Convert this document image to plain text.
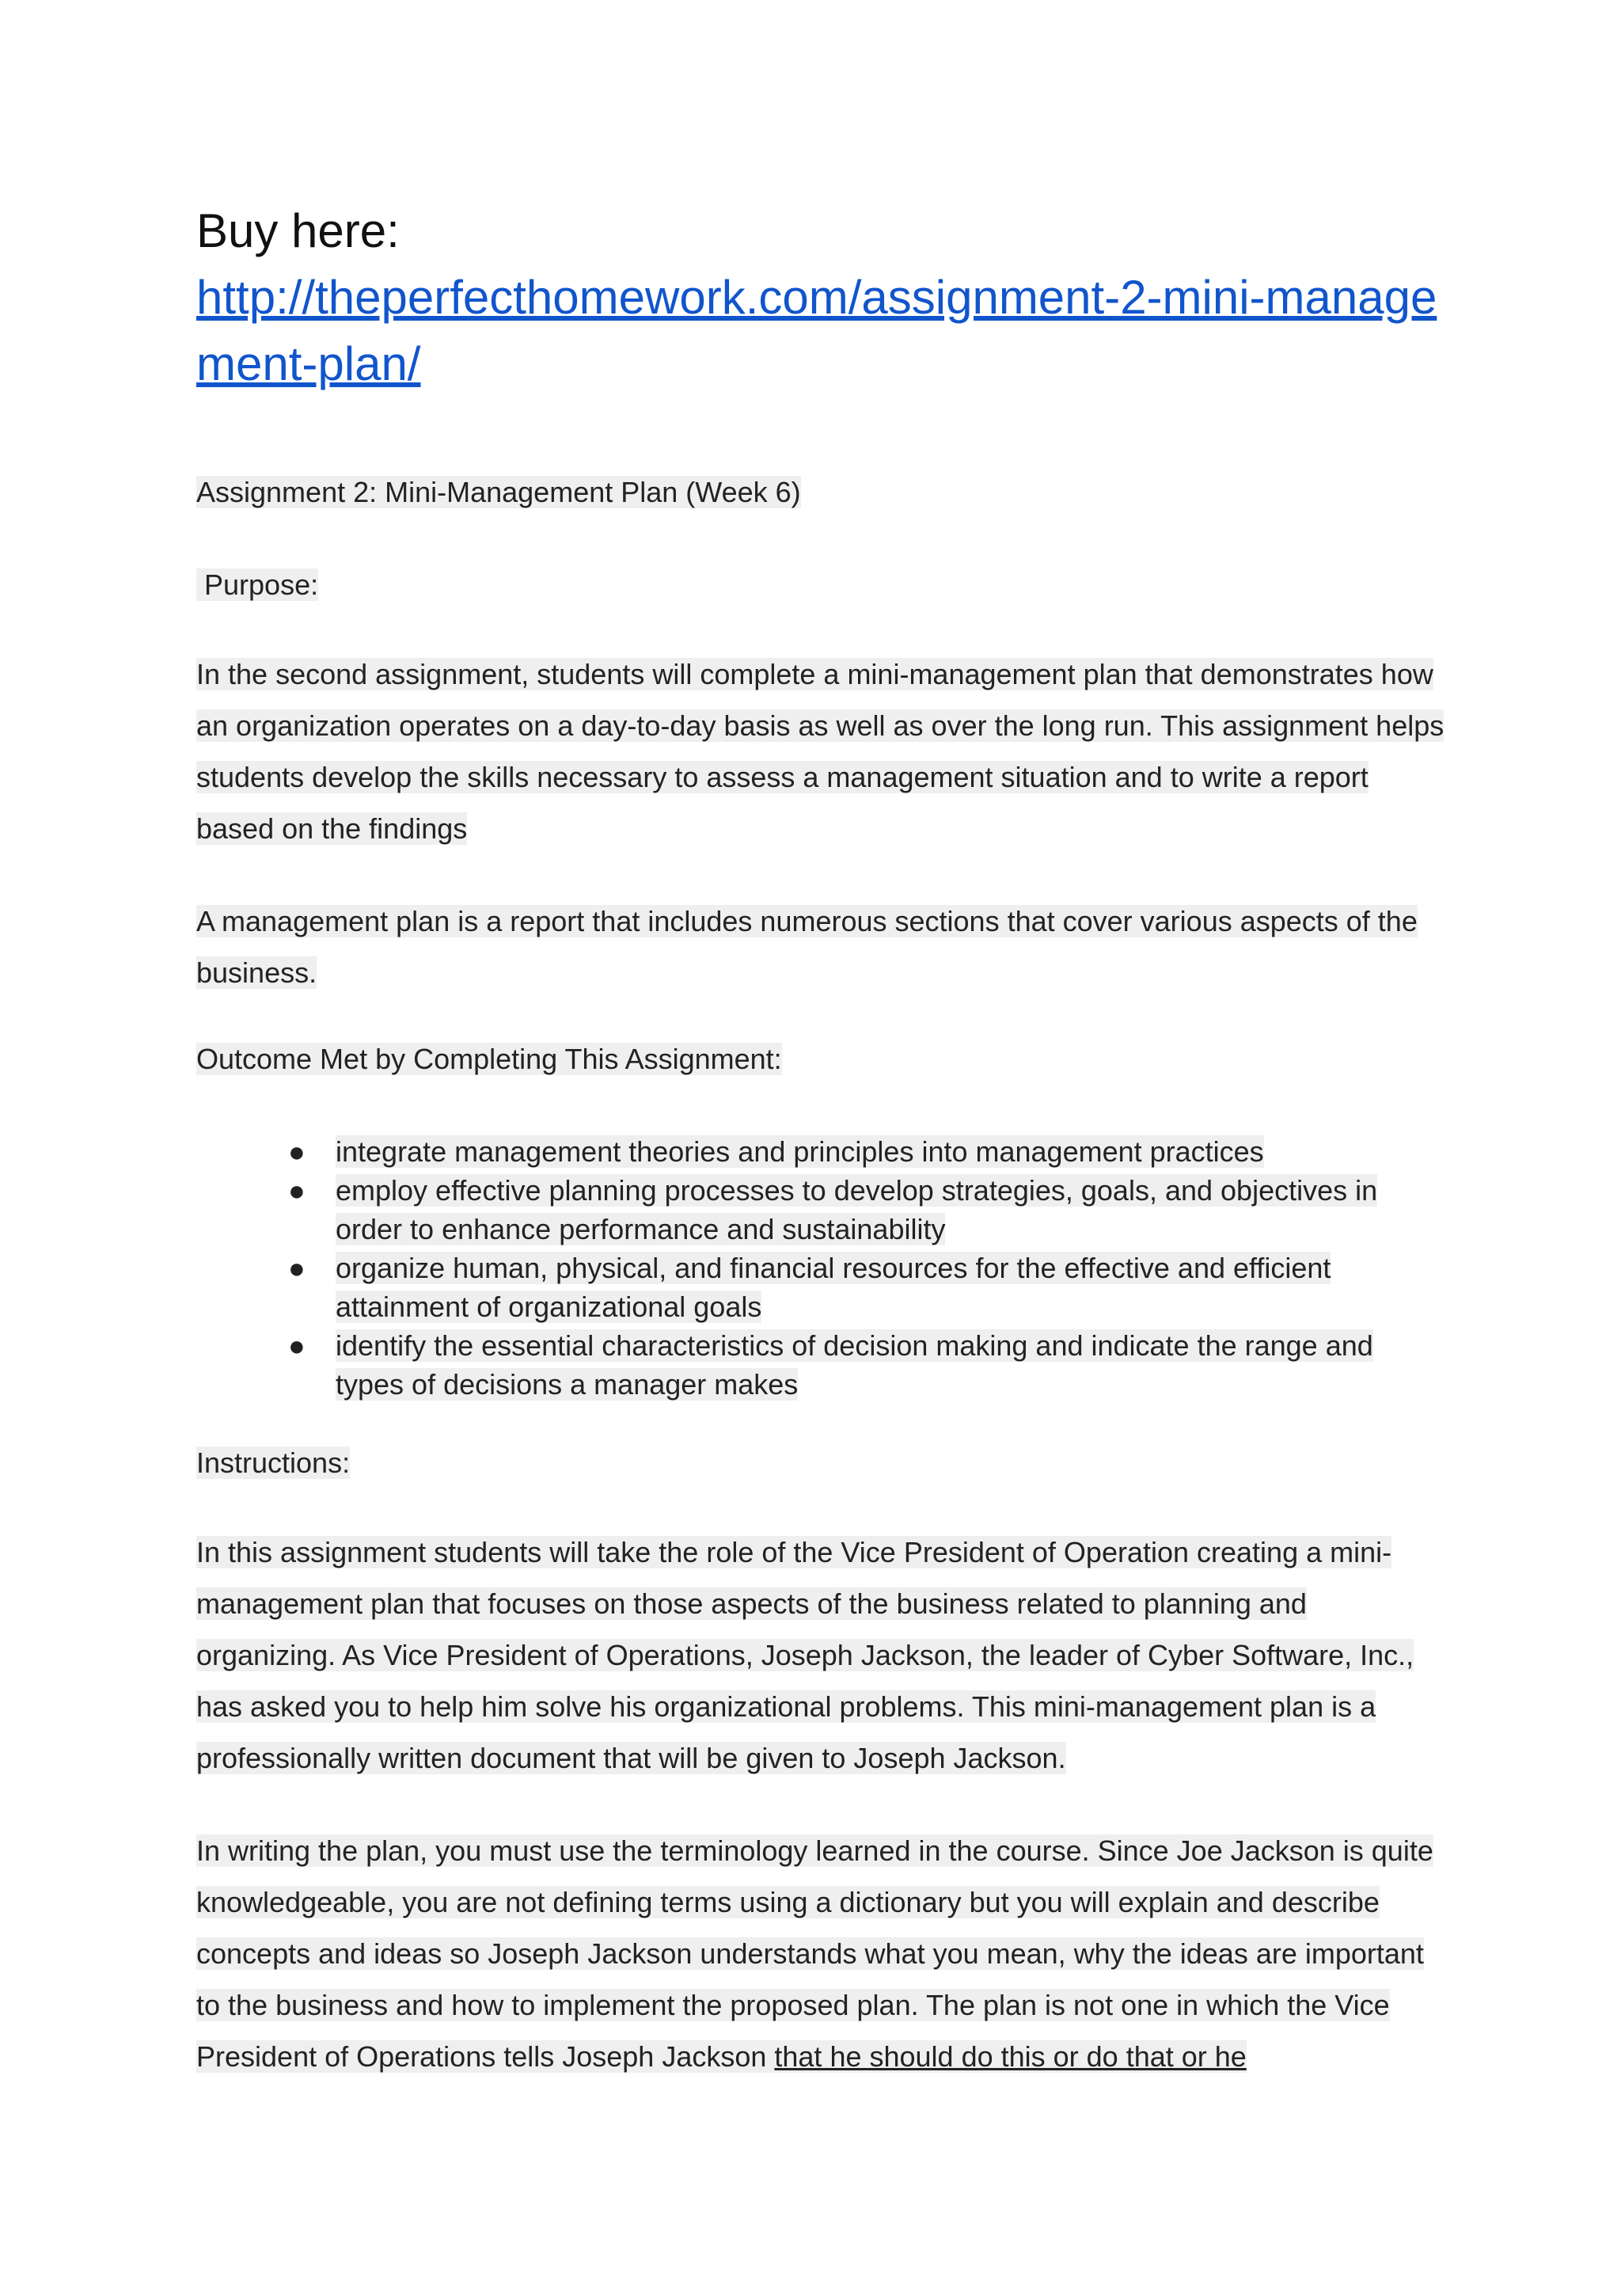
Buy here:
http://theperfecthomework.com/assignment-2-mini-management-plan/

Assignment 2: Mini-Management Plan (Week 6)

Purpose:

In the second assignment, students will complete a mini-management plan that demonstrates how an organization operates on a day-to-day basis as well as over the long run. This assignment helps students develop the skills necessary to assess a management situation and to write a report based on the findings

A management plan is a report that includes numerous sections that cover various aspects of the business.

Outcome Met by Completing This Assignment:

● integrate management theories and principles into management practices
● employ effective planning processes to develop strategies, goals, and objectives in order to enhance performance and sustainability
● organize human, physical, and financial resources for the effective and efficient attainment of organizational goals
● identify the essential characteristics of decision making and indicate the range and types of decisions a manager makes

Instructions:

In this assignment students will take the role of the Vice President of Operation creating a mini-management plan that focuses on those aspects of the business related to planning and organizing. As Vice President of Operations, Joseph Jackson, the leader of Cyber Software, Inc., has asked you to help him solve his organizational problems. This mini-management plan is a professionally written document that will be given to Joseph Jackson.

In writing the plan, you must use the terminology learned in the course. Since Joe Jackson is quite knowledgeable, you are not defining terms using a dictionary but you will explain and describe concepts and ideas so Joseph Jackson understands what you mean, why the ideas are important to the business and how to implement the proposed plan. The plan is not one in which the Vice President of Operations tells Joseph Jackson that he should do this or do that or he
